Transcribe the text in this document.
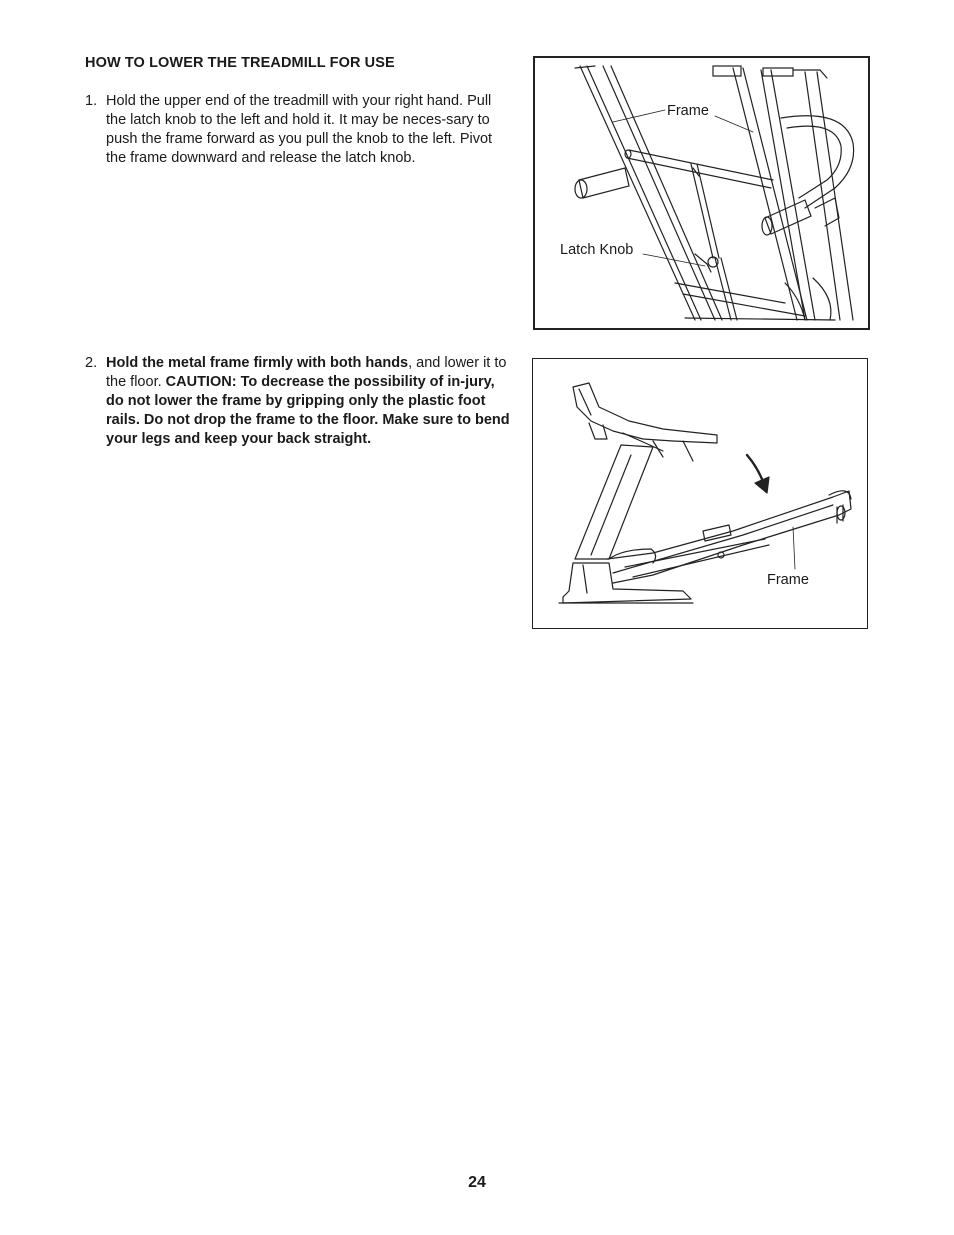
HOW TO LOWER THE TREADMILL FOR USE
1. Hold the upper end of the treadmill with your right hand. Pull the latch knob to the left and hold it. It may be neces-sary to push the frame forward as you pull the knob to the left. Pivot the frame downward and release the latch knob.
2. Hold the metal frame firmly with both hands, and lower it to the floor. CAUTION: To decrease the possibility of in-jury, do not lower the frame by gripping only the plastic foot rails. Do not drop the frame to the floor. Make sure to bend your legs and keep your back straight.
Frame
Latch Knob
Frame
24
